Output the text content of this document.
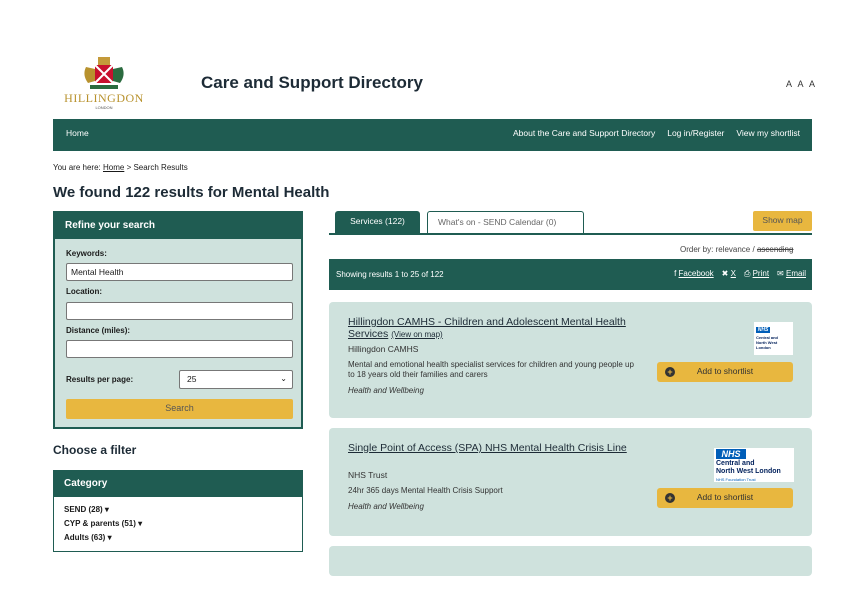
HILLINGDON
LONDON
Care and Support Directory	A A A
Home	About the Care and Support Directory Log in/Register View my shortlist
You are here: Home > Search Results
We found 122 results for Mental Health
Refine your search
Keywords:
Mental Health
Location:
Distance (miles):
Results per page:	25	⌄
Search
Choose a filter
Category
SEND (28) ▾
CYP & parents (51) ▾
Adults (63) ▾
Services (122)	What's on - SEND Calendar (0)	Show map
Order by: relevance / ascending
Showing results 1 to 25 of 122	f Facebook ✖ X ⎙ Print ✉ Email
Hillingdon CAMHS - Children and Adolescent Mental Health Services (View on map)
Hillingdon CAMHS
Mental and emotional health specialist services for children and young people up to 18 years old their families and carers
Health and Wellbeing
NHS
Central and
North West London
+	Add to shortlist
Single Point of Access (SPA) NHS Mental Health Crisis Line
NHS Trust
24hr 365 days Mental Health Crisis Support
Health and Wellbeing
NHS
Central and
North West London
NHS Foundation Trust
+	Add to shortlist
